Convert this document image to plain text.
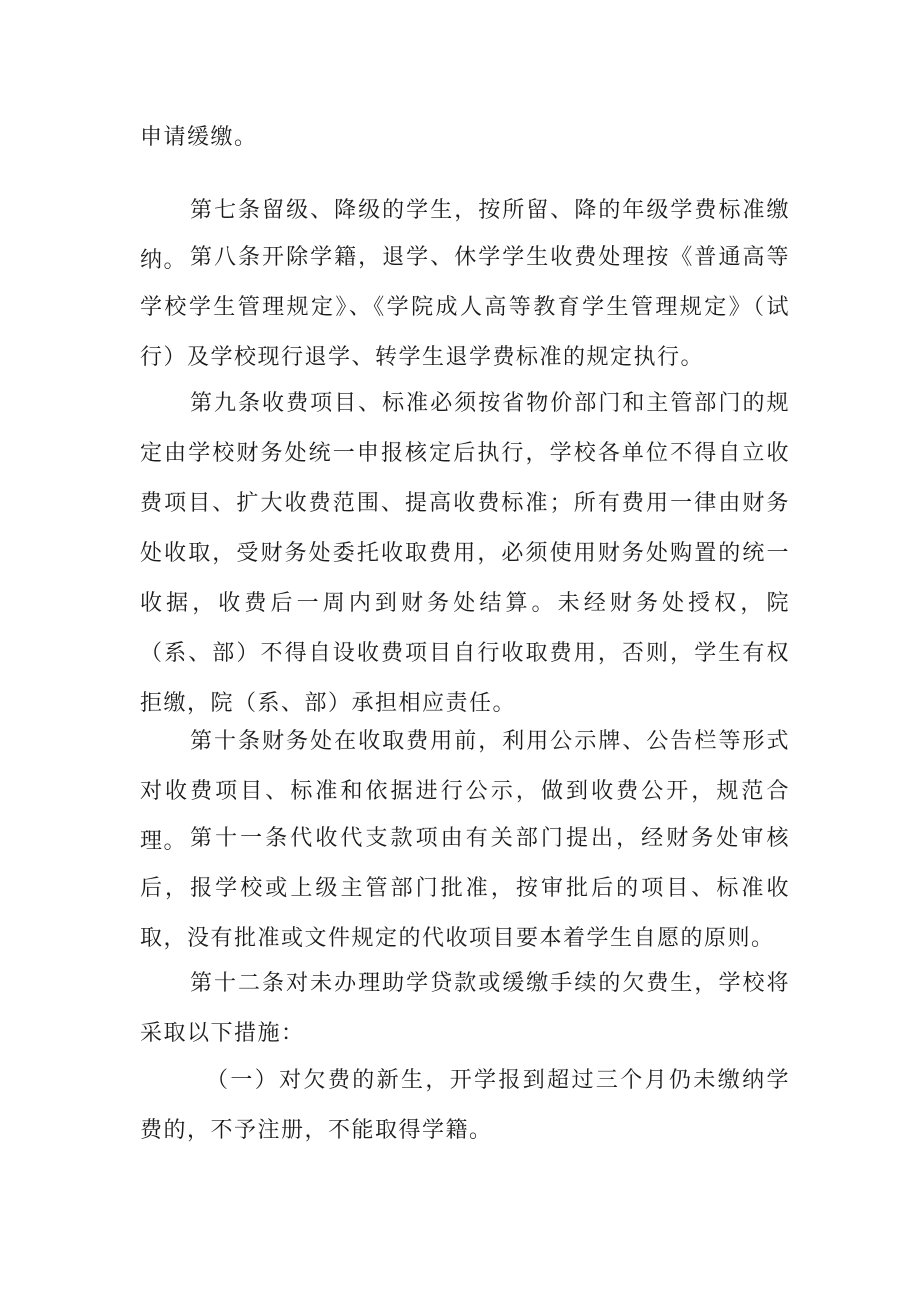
申请缓缴。

第七条留级、降级的学生，按所留、降的年级学费标准缴纳。 第八条开除学籍，退学、休学学生收费处理按《普通高等学校学生管理规定》、《学院成人高等教育学生管理规定》（试行）及学校现行退学、转学生退学费标准的规定执行。

第九条收费项目、标准必须按省物价部门和主管部门的规定由学校财务处统一申报核定后执行，学校各单位不得自立收费项目、扩大收费范围、提高收费标准；所有费用一律由财务处收取，受财务处委托收取费用，必须使用财务处购置的统一收据，收费后一周内到财务处结算。未经财务处授权，院（系、部）不得自设收费项目自行收取费用，否则，学生有权拒缴，院（系、部）承担相应责任。

第十条财务处在收取费用前，利用公示牌、公告栏等形式对收费项目、标准和依据进行公示，做到收费公开，规范合理。 第十一条代收代支款项由有关部门提出，经财务处审核后，报学校或上级主管部门批准，按审批后的项目、标准收取，没有批准或文件规定的代收项目要本着学生自愿的原则。

第十二条对未办理助学贷款或缓缴手续的欠费生，学校将采取以下措施：

（一）对欠费的新生，开学报到超过三个月仍未缴纳学费的，不予注册，不能取得学籍。
